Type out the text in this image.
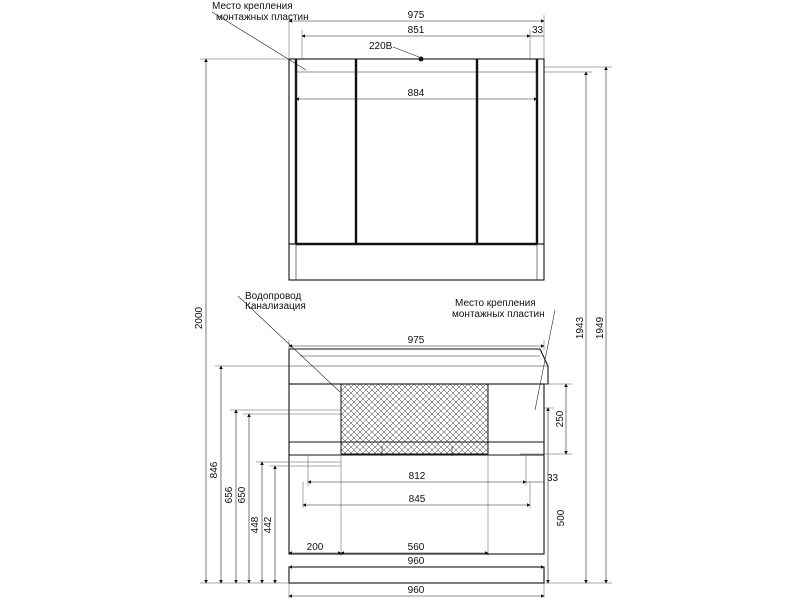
975
851	33
884
220В
Место крепления
монтажных пластин
Водопровод
Канализация	Место крепления
монтажных пластин
975
812	33
845
200	560
960
960
2000
846
656 650
448 442
250
500
1943 1949
